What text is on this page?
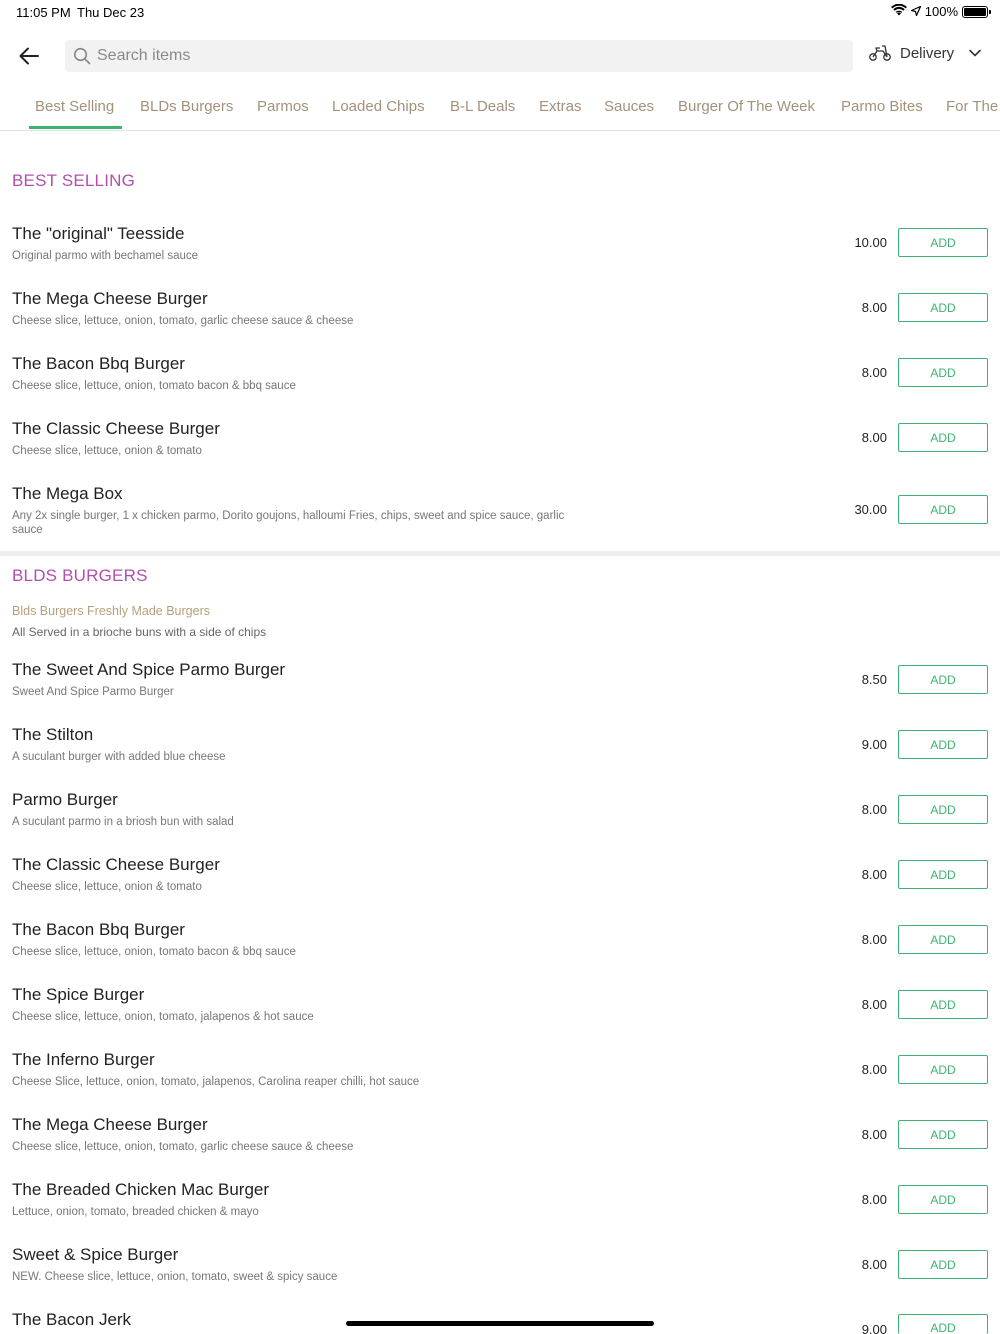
11:05 PM Thu Dec 23	100%
Search items
Delivery
Best Selling BLDs Burgers Parmos Loaded Chips B-L Deals Extras Sauces Burger Of The Week Parmo Bites For The
BEST SELLING
The "original" Teesside
Original parmo with bechamel sauce
10.00	ADD
The Mega Cheese Burger
Cheese slice, lettuce, onion, tomato, garlic cheese sauce & cheese
8.00	ADD
The Bacon Bbq Burger
Cheese slice, lettuce, onion, tomato bacon & bbq sauce
8.00	ADD
The Classic Cheese Burger
Cheese slice, lettuce, onion & tomato
8.00	ADD
The Mega Box
Any 2x single burger, 1 x chicken parmo, Dorito goujons, halloumi Fries, chips, sweet and spice sauce, garlic sauce
30.00	ADD
BLDS BURGERS
Blds Burgers Freshly Made Burgers
All Served in a brioche buns with a side of chips
The Sweet And Spice Parmo Burger
Sweet And Spice Parmo Burger
8.50	ADD
The Stilton
A suculant burger with added blue cheese
9.00	ADD
Parmo Burger
A suculant parmo in a briosh bun with salad
8.00	ADD
The Classic Cheese Burger
Cheese slice, lettuce, onion & tomato
8.00	ADD
The Bacon Bbq Burger
Cheese slice, lettuce, onion, tomato bacon & bbq sauce
8.00	ADD
The Spice Burger
Cheese slice, lettuce, onion, tomato, jalapenos & hot sauce
8.00	ADD
The Inferno Burger
Cheese Slice, lettuce, onion, tomato, jalapenos, Carolina reaper chilli, hot sauce
8.00	ADD
The Mega Cheese Burger
Cheese slice, lettuce, onion, tomato, garlic cheese sauce & cheese
8.00	ADD
The Breaded Chicken Mac Burger
Lettuce, onion, tomato, breaded chicken & mayo
8.00	ADD
Sweet & Spice Burger
NEW. Cheese slice, lettuce, onion, tomato, sweet & spicy sauce
8.00	ADD
The Bacon Jerk
9.00	ADD
